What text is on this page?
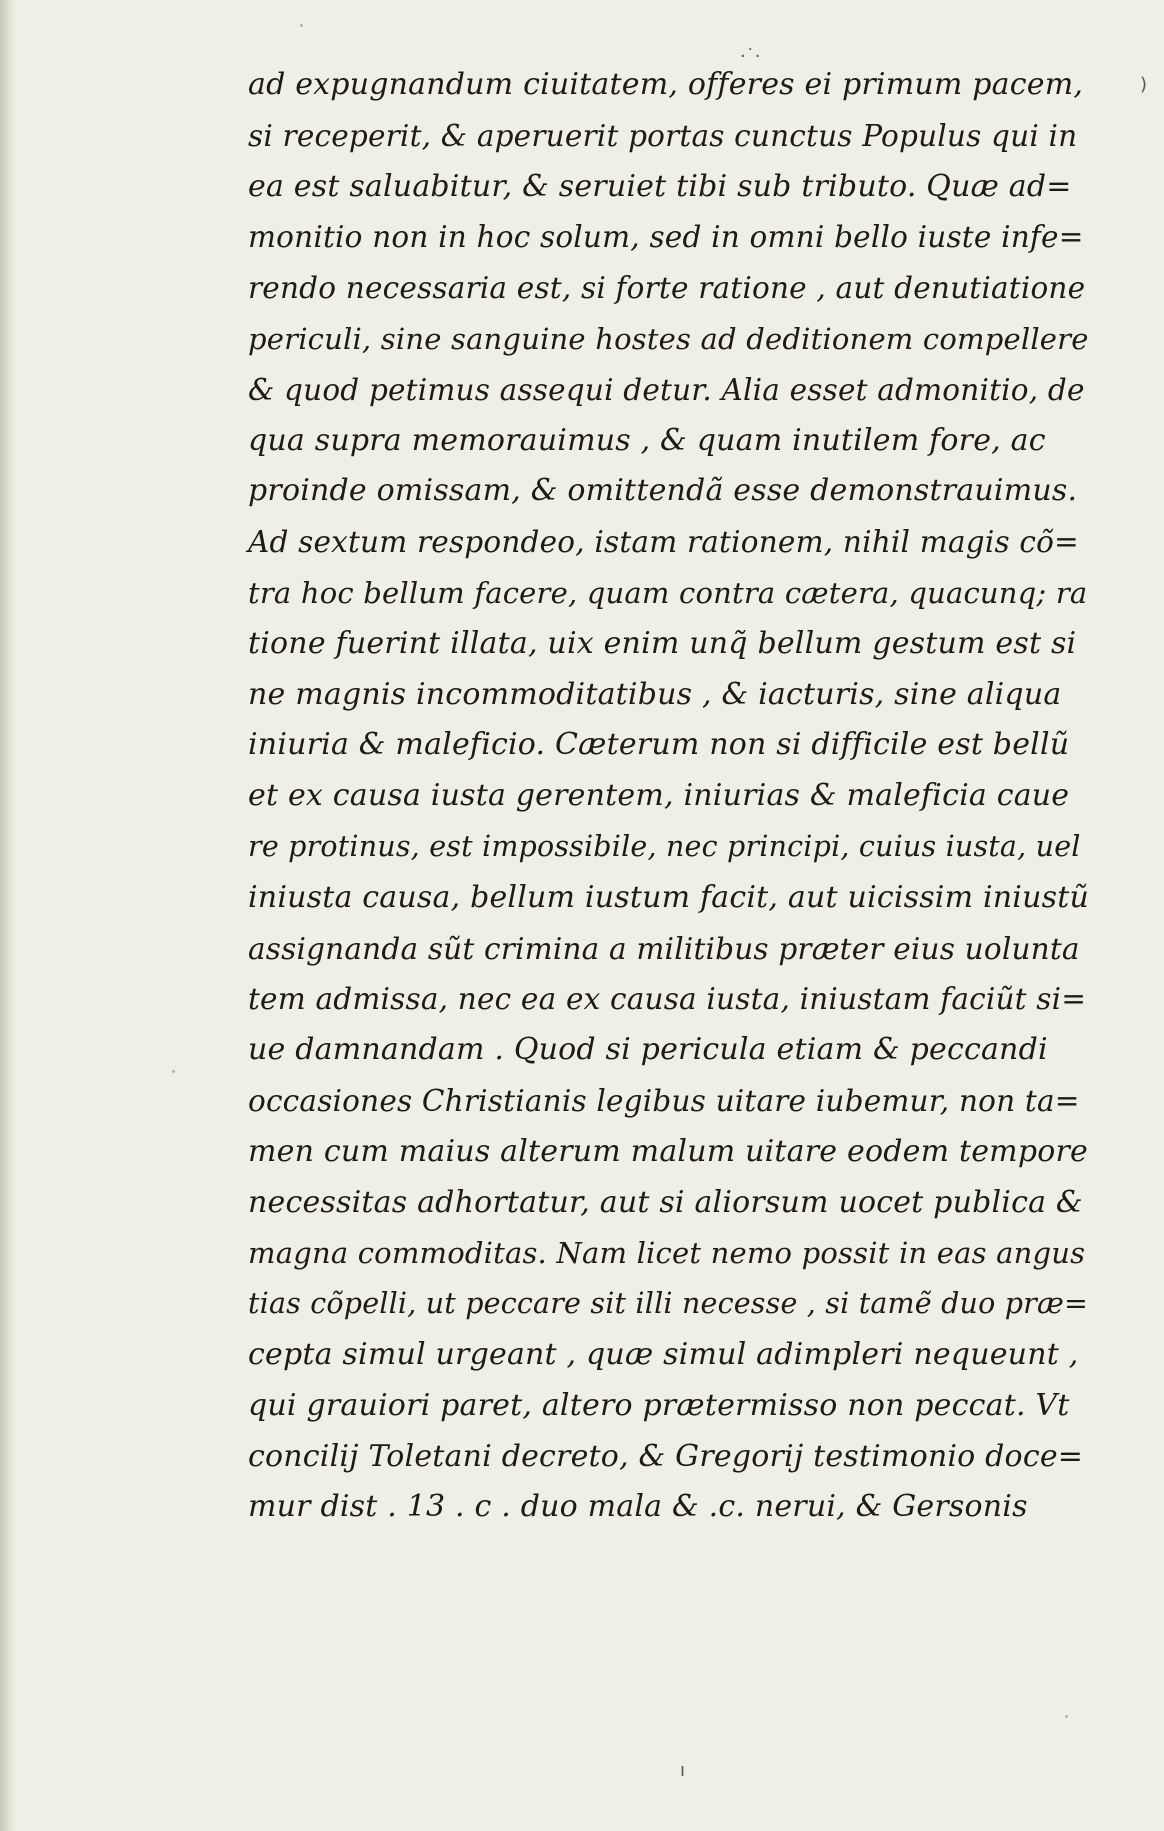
·˙·
)
ı
ad expugnandum ciuitatem, offeres ei primum pacem,
si receperit, & aperuerit portas cunctus Populus qui in
ea est saluabitur, & seruiet tibi sub tributo. Quæ ad=
monitio non in hoc solum, sed in omni bello iuste infe=
rendo necessaria est, si forte ratione , aut denutiatione
periculi, sine sanguine hostes ad deditionem compellere
& quod petimus assequi detur. Alia esset admonitio, de
qua supra memorauimus , & quam inutilem fore, ac
proinde omissam, & omittendã esse demonstrauimus.
Ad sextum respondeo, istam rationem, nihil magis cõ=
tra hoc bellum facere, quam contra cætera, quacunq; ra
tione fuerint illata, uix enim unq̃ bellum gestum est si
ne magnis incommoditatibus , & iacturis, sine aliqua
iniuria & maleficio. Cæterum non si difficile est bellũ
et ex causa iusta gerentem, iniurias & maleficia caue
re protinus, est impossibile, nec principi, cuius iusta, uel
iniusta causa, bellum iustum facit, aut uicissim iniustũ
assignanda sũt crimina a militibus præter eius uolunta
tem admissa, nec ea ex causa iusta, iniustam faciũt si=
ue damnandam . Quod si pericula etiam & peccandi
occasiones Christianis legibus uitare iubemur, non ta=
men cum maius alterum malum uitare eodem tempore
necessitas adhortatur, aut si aliorsum uocet publica &
magna commoditas. Nam licet nemo possit in eas angus
tias cõpelli, ut peccare sit illi necesse , si tamẽ duo præ=
cepta simul urgeant , quæ simul adimpleri nequeunt ,
qui grauiori paret, altero prætermisso non peccat. Vt
concilij Toletani decreto, & Gregorij testimonio doce=
mur dist . 13 . c . duo mala & .c. nerui, & Gersonis
